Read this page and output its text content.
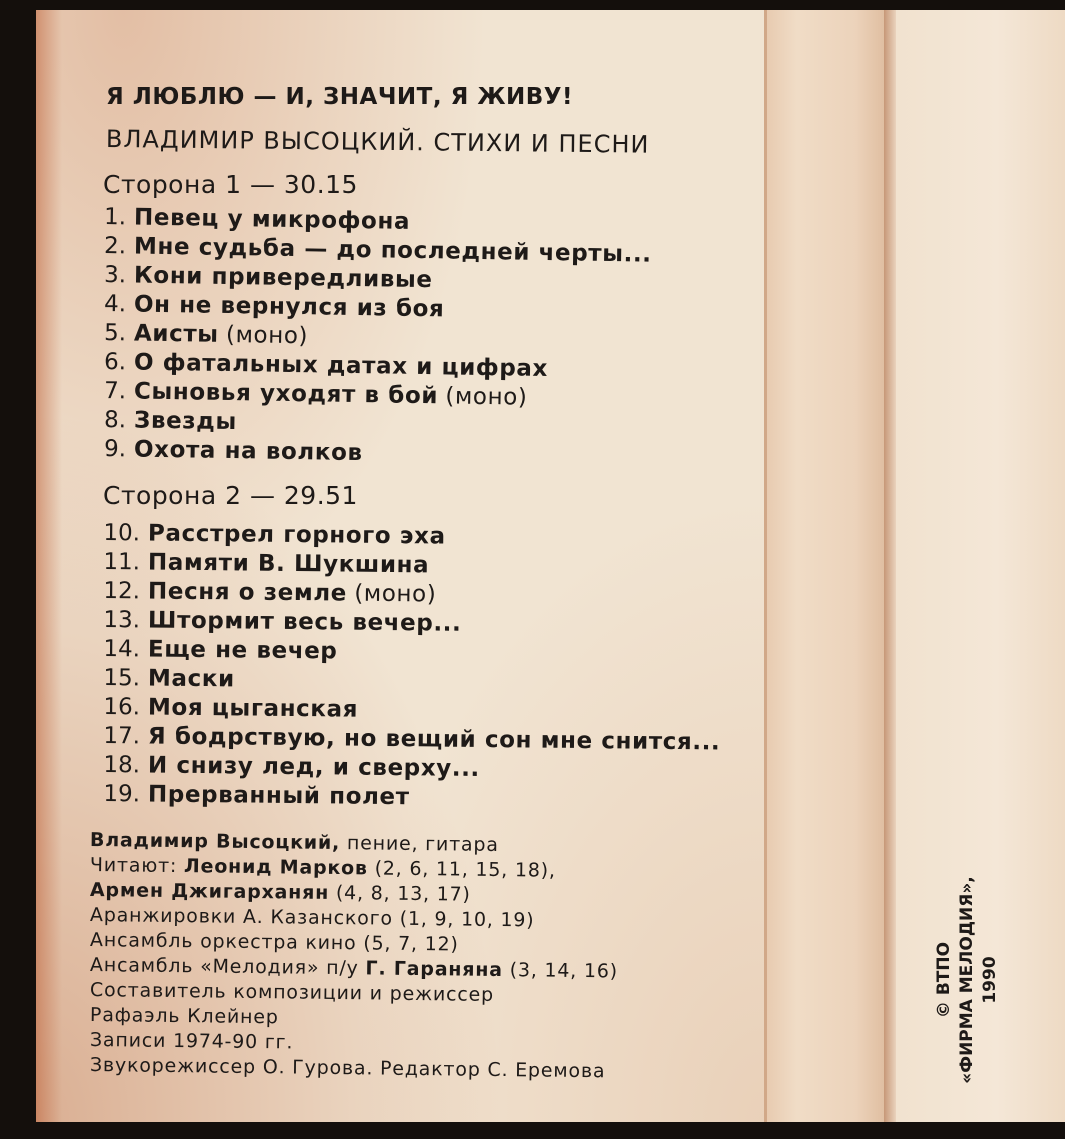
Я ЛЮБЛЮ — И, ЗНАЧИТ, Я ЖИВУ!
ВЛАДИМИР ВЫСОЦКИЙ. СТИХИ И ПЕСНИ
Сторона 1 — 30.15
1. Певец у микрофона
2. Мне судьба — до последней черты...
3. Кони привередливые
4. Он не вернулся из боя
5. Аисты (моно)
6. О фатальных датах и цифрах
7. Сыновья уходят в бой (моно)
8. Звезды
9. Охота на волков
Сторона 2 — 29.51
10. Расстрел горного эха
11. Памяти В. Шукшина
12. Песня о земле (моно)
13. Штормит весь вечер...
14. Еще не вечер
15. Маски
16. Моя цыганская
17. Я бодрствую, но вещий сон мне снится...
18. И снизу лед, и сверху...
19. Прерванный полет
Владимир Высоцкий, пение, гитара
Читают: Леонид Марков (2, 6, 11, 15, 18),
Армен Джигарханян (4, 8, 13, 17)
Аранжировки А. Казанского (1, 9, 10, 19)
Ансамбль оркестра кино (5, 7, 12)
Ансамбль «Мелодия» п/у Г. Гараняна (3, 14, 16)
Составитель композиции и режиссер
Рафаэль Клейнер
Записи 1974-90 гг.
Звукорежиссер О. Гурова. Редактор С. Еремова
© ВТПО «ФИРМА МЕЛОДИЯ», 1990
